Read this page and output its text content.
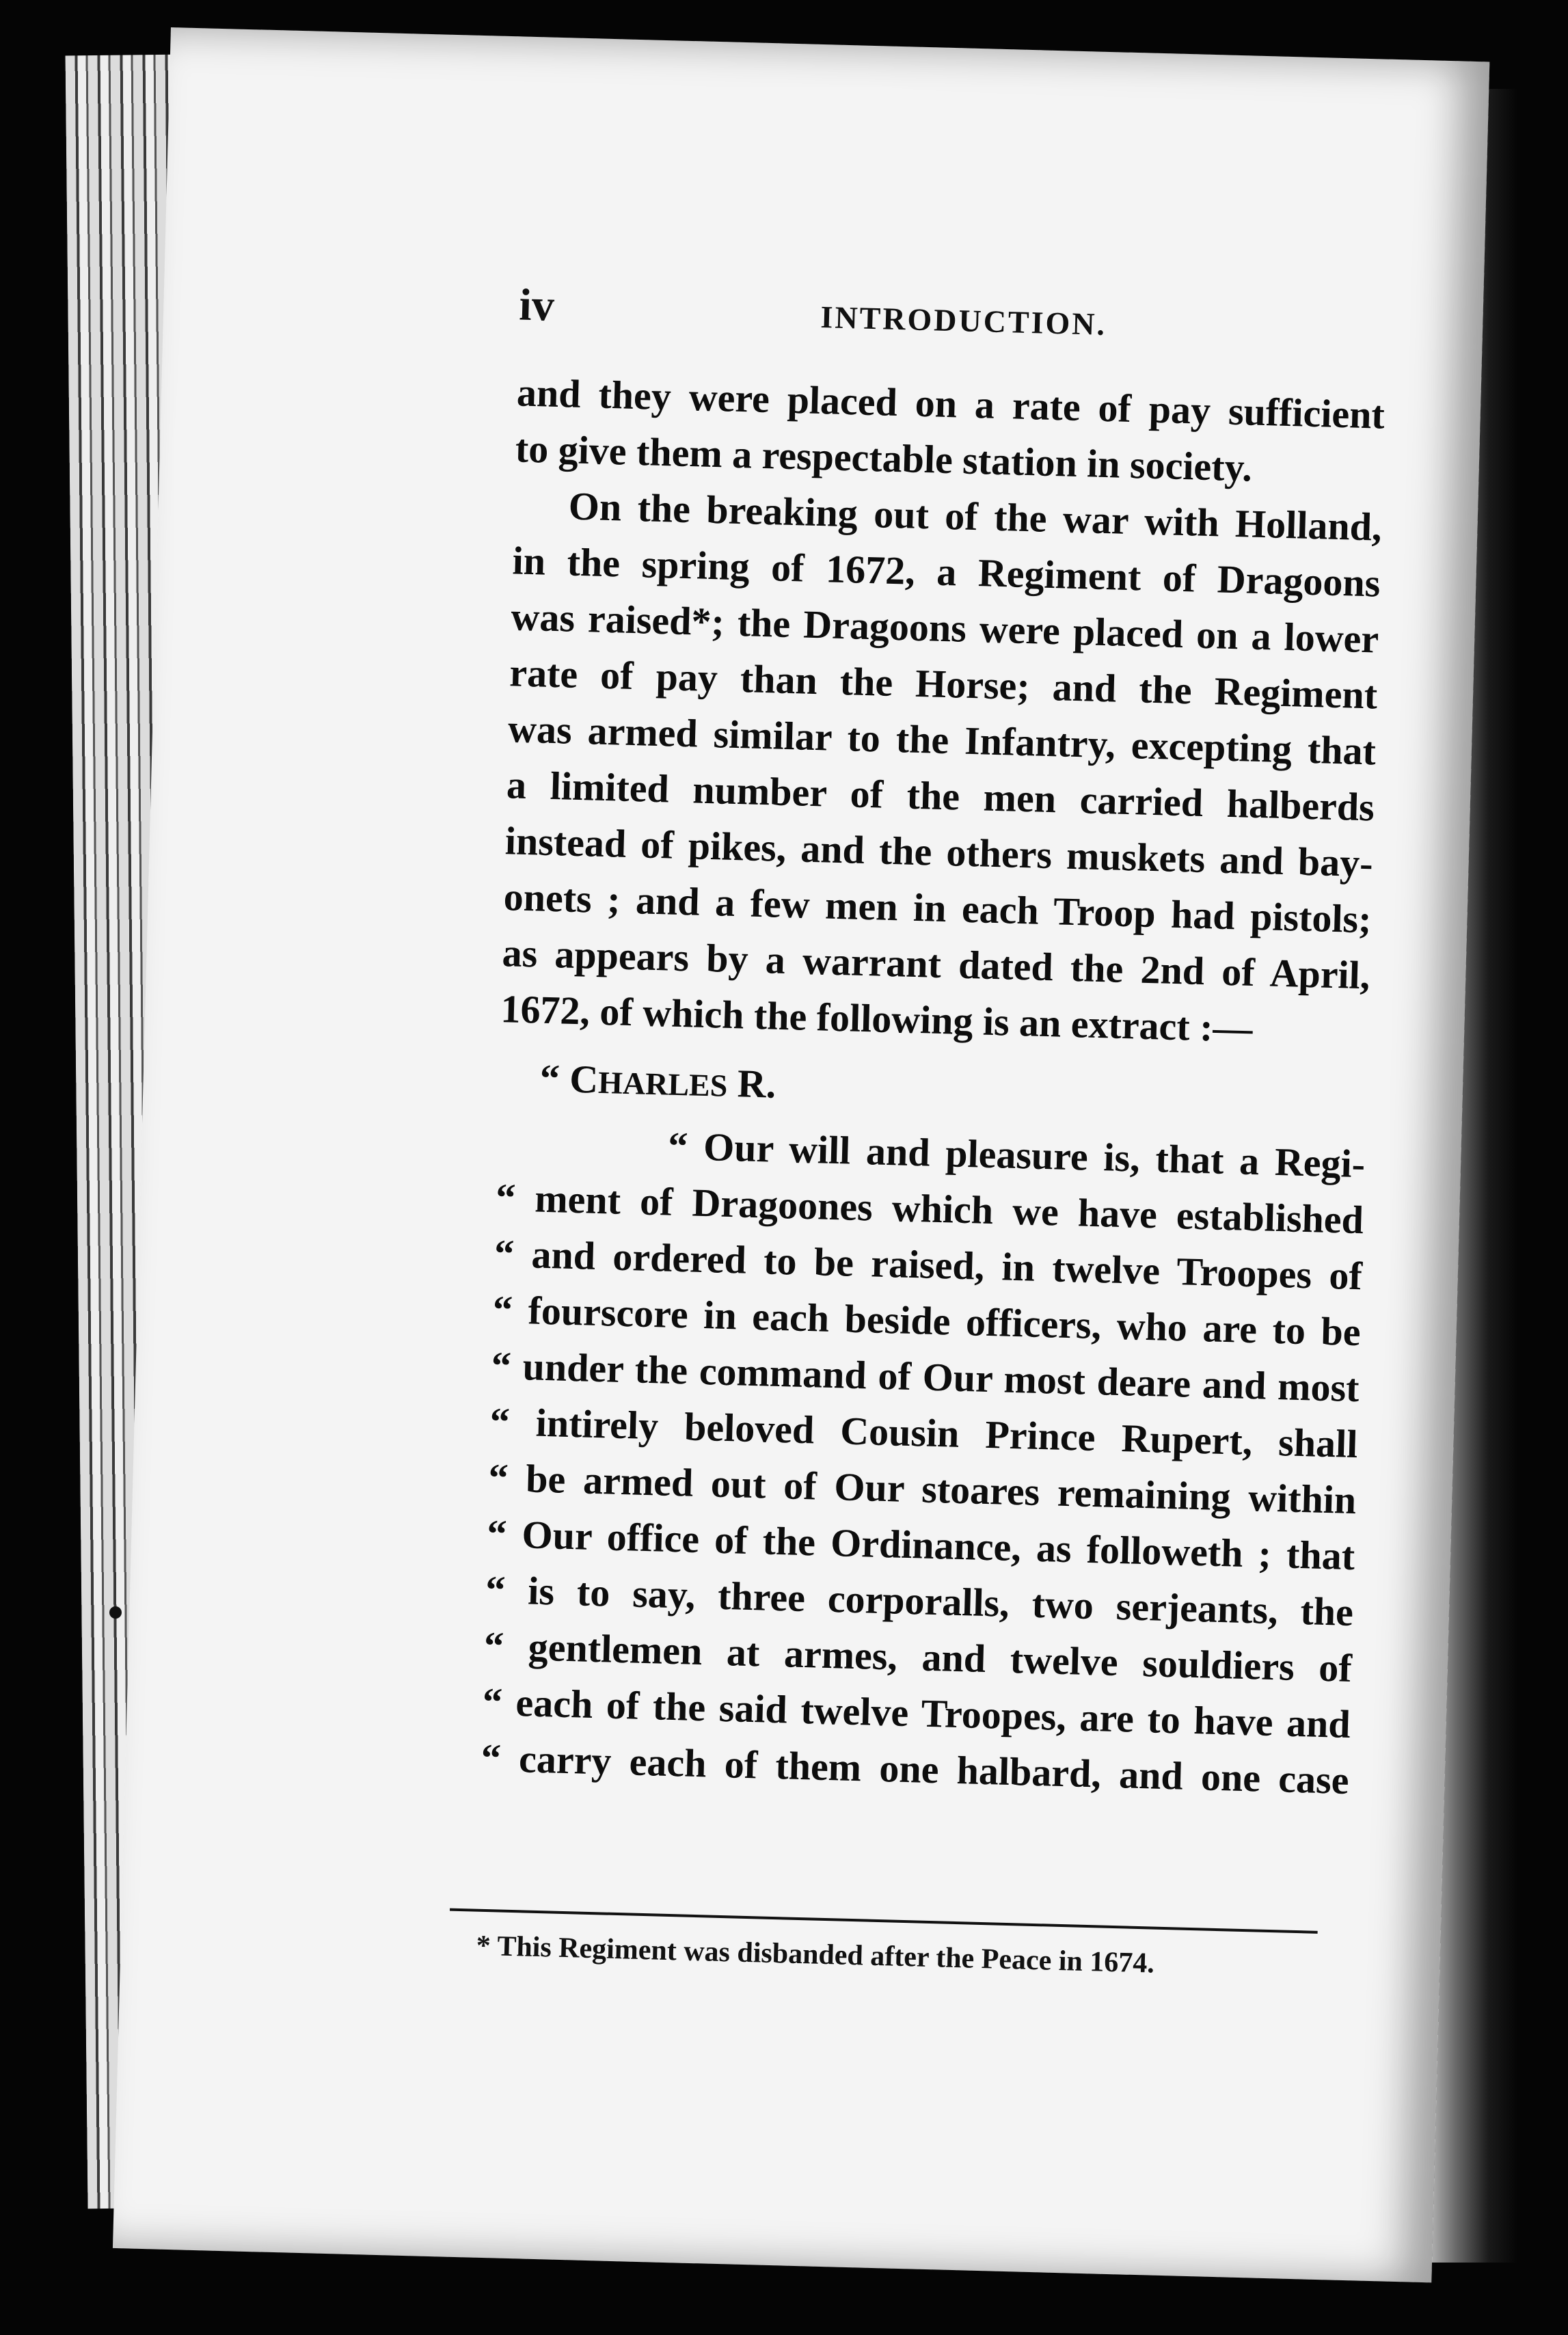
iv	INTRODUCTION.
and they were placed on a rate of pay sufficient
to give them a respectable station in society.
On the breaking out of the war with Holland,
in the spring of 1672, a Regiment of Dragoons
was raised*; the Dragoons were placed on a lower
rate of pay than the Horse; and the Regiment
was armed similar to the Infantry, excepting that
a limited number of the men carried halberds
instead of pikes, and the others muskets and bay-
onets ; and a few men in each Troop had pistols;
as appears by a warrant dated the 2nd of April,
1672, of which the following is an extract :—
“ CHARLES R.
“ Our will and pleasure is, that a Regi-
“ ment of Dragoones which we have established
“ and ordered to be raised, in twelve Troopes of
“ fourscore in each beside officers, who are to be
“ under the command of Our most deare and most
“ intirely beloved Cousin Prince Rupert, shall
“ be armed out of Our stoares remaining within
“ Our office of the Ordinance, as followeth ; that
“ is to say, three corporalls, two serjeants, the
“ gentlemen at armes, and twelve souldiers of
“ each of the said twelve Troopes, are to have and
“ carry each of them one halbard, and one case
* This Regiment was disbanded after the Peace in 1674.
